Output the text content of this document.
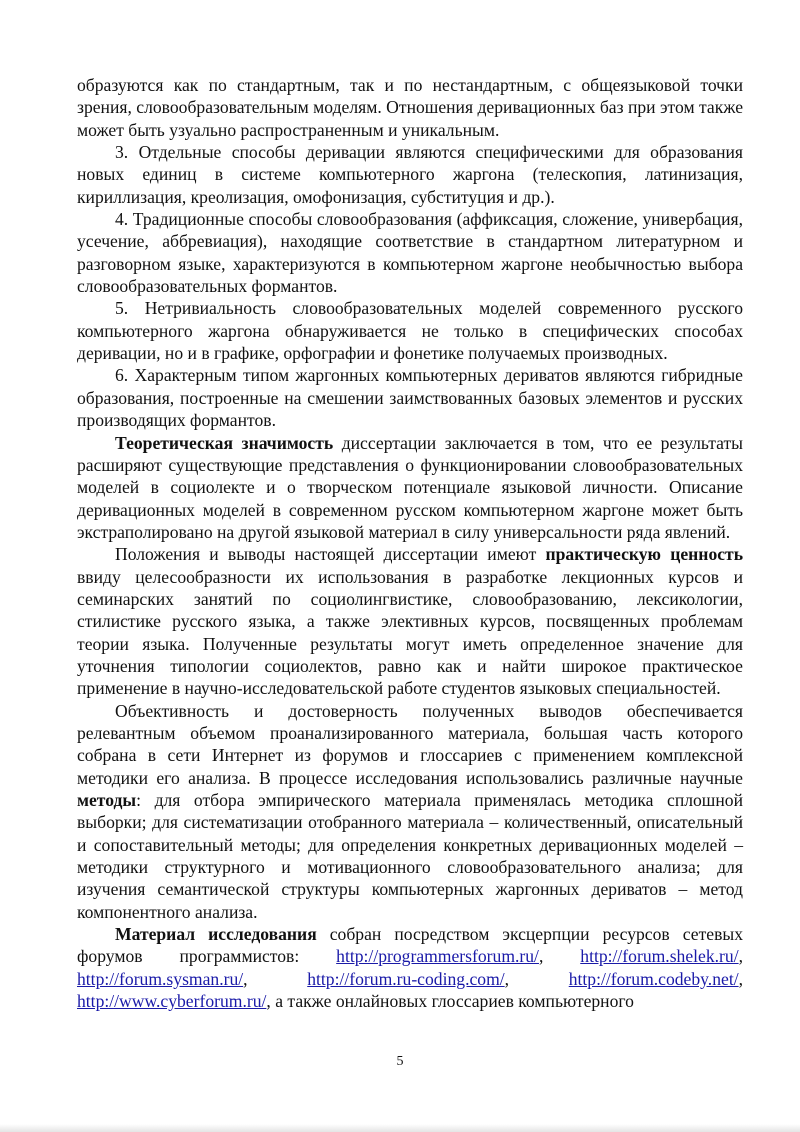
образуются как по стандартным, так и по нестандартным, с общеязыковой точки зрения, словообразовательным моделям. Отношения деривационных баз при этом также может быть узуально распространенным и уникальным.

3. Отдельные способы деривации являются специфическими для образования новых единиц в системе компьютерного жаргона (телескопия, латинизация, кириллизация, креолизация, омофонизация, субституция и др.).

4. Традиционные способы словообразования (аффиксация, сложение, универбация, усечение, аббревиация), находящие соответствие в стандартном литературном и разговорном языке, характеризуются в компьютерном жаргоне необычностью выбора словообразовательных формантов.

5. Нетривиальность словообразовательных моделей современного русского компьютерного жаргона обнаруживается не только в специфических способах деривации, но и в графике, орфографии и фонетике получаемых производных.

6. Характерным типом жаргонных компьютерных дериватов являются гибридные образования, построенные на смешении заимствованных базовых элементов и русских производящих формантов.

Теоретическая значимость диссертации заключается в том, что ее результаты расширяют существующие представления о функционировании словообразовательных моделей в социолекте и о творческом потенциале языковой личности. Описание деривационных моделей в современном русском компьютерном жаргоне может быть экстраполировано на другой языковой материал в силу универсальности ряда явлений.

Положения и выводы настоящей диссертации имеют практическую ценность ввиду целесообразности их использования в разработке лекционных курсов и семинарских занятий по социолингвистике, словообразованию, лексикологии, стилистике русского языка, а также элективных курсов, посвященных проблемам теории языка. Полученные результаты могут иметь определенное значение для уточнения типологии социолектов, равно как и найти широкое практическое применение в научно-исследовательской работе студентов языковых специальностей.

Объективность и достоверность полученных выводов обеспечивается релевантным объемом проанализированного материала, большая часть которого собрана в сети Интернет из форумов и глоссариев с применением комплексной методики его анализа. В процессе исследования использовались различные научные методы: для отбора эмпирического материала применялась методика сплошной выборки; для систематизации отобранного материала – количественный, описательный и сопоставительный методы; для определения конкретных деривационных моделей – методики структурного и мотивационного словообразовательного анализа; для изучения семантической структуры компьютерных жаргонных дериватов – метод компонентного анализа.

Материал исследования собран посредством эксцерпции ресурсов сетевых форумов программистов: http://programmersforum.ru/, http://forum.shelek.ru/, http://forum.sysman.ru/, http://forum.ru-coding.com/, http://forum.codeby.net/, http://www.cyberforum.ru/, а также онлайновых глоссариев компьютерного

5
